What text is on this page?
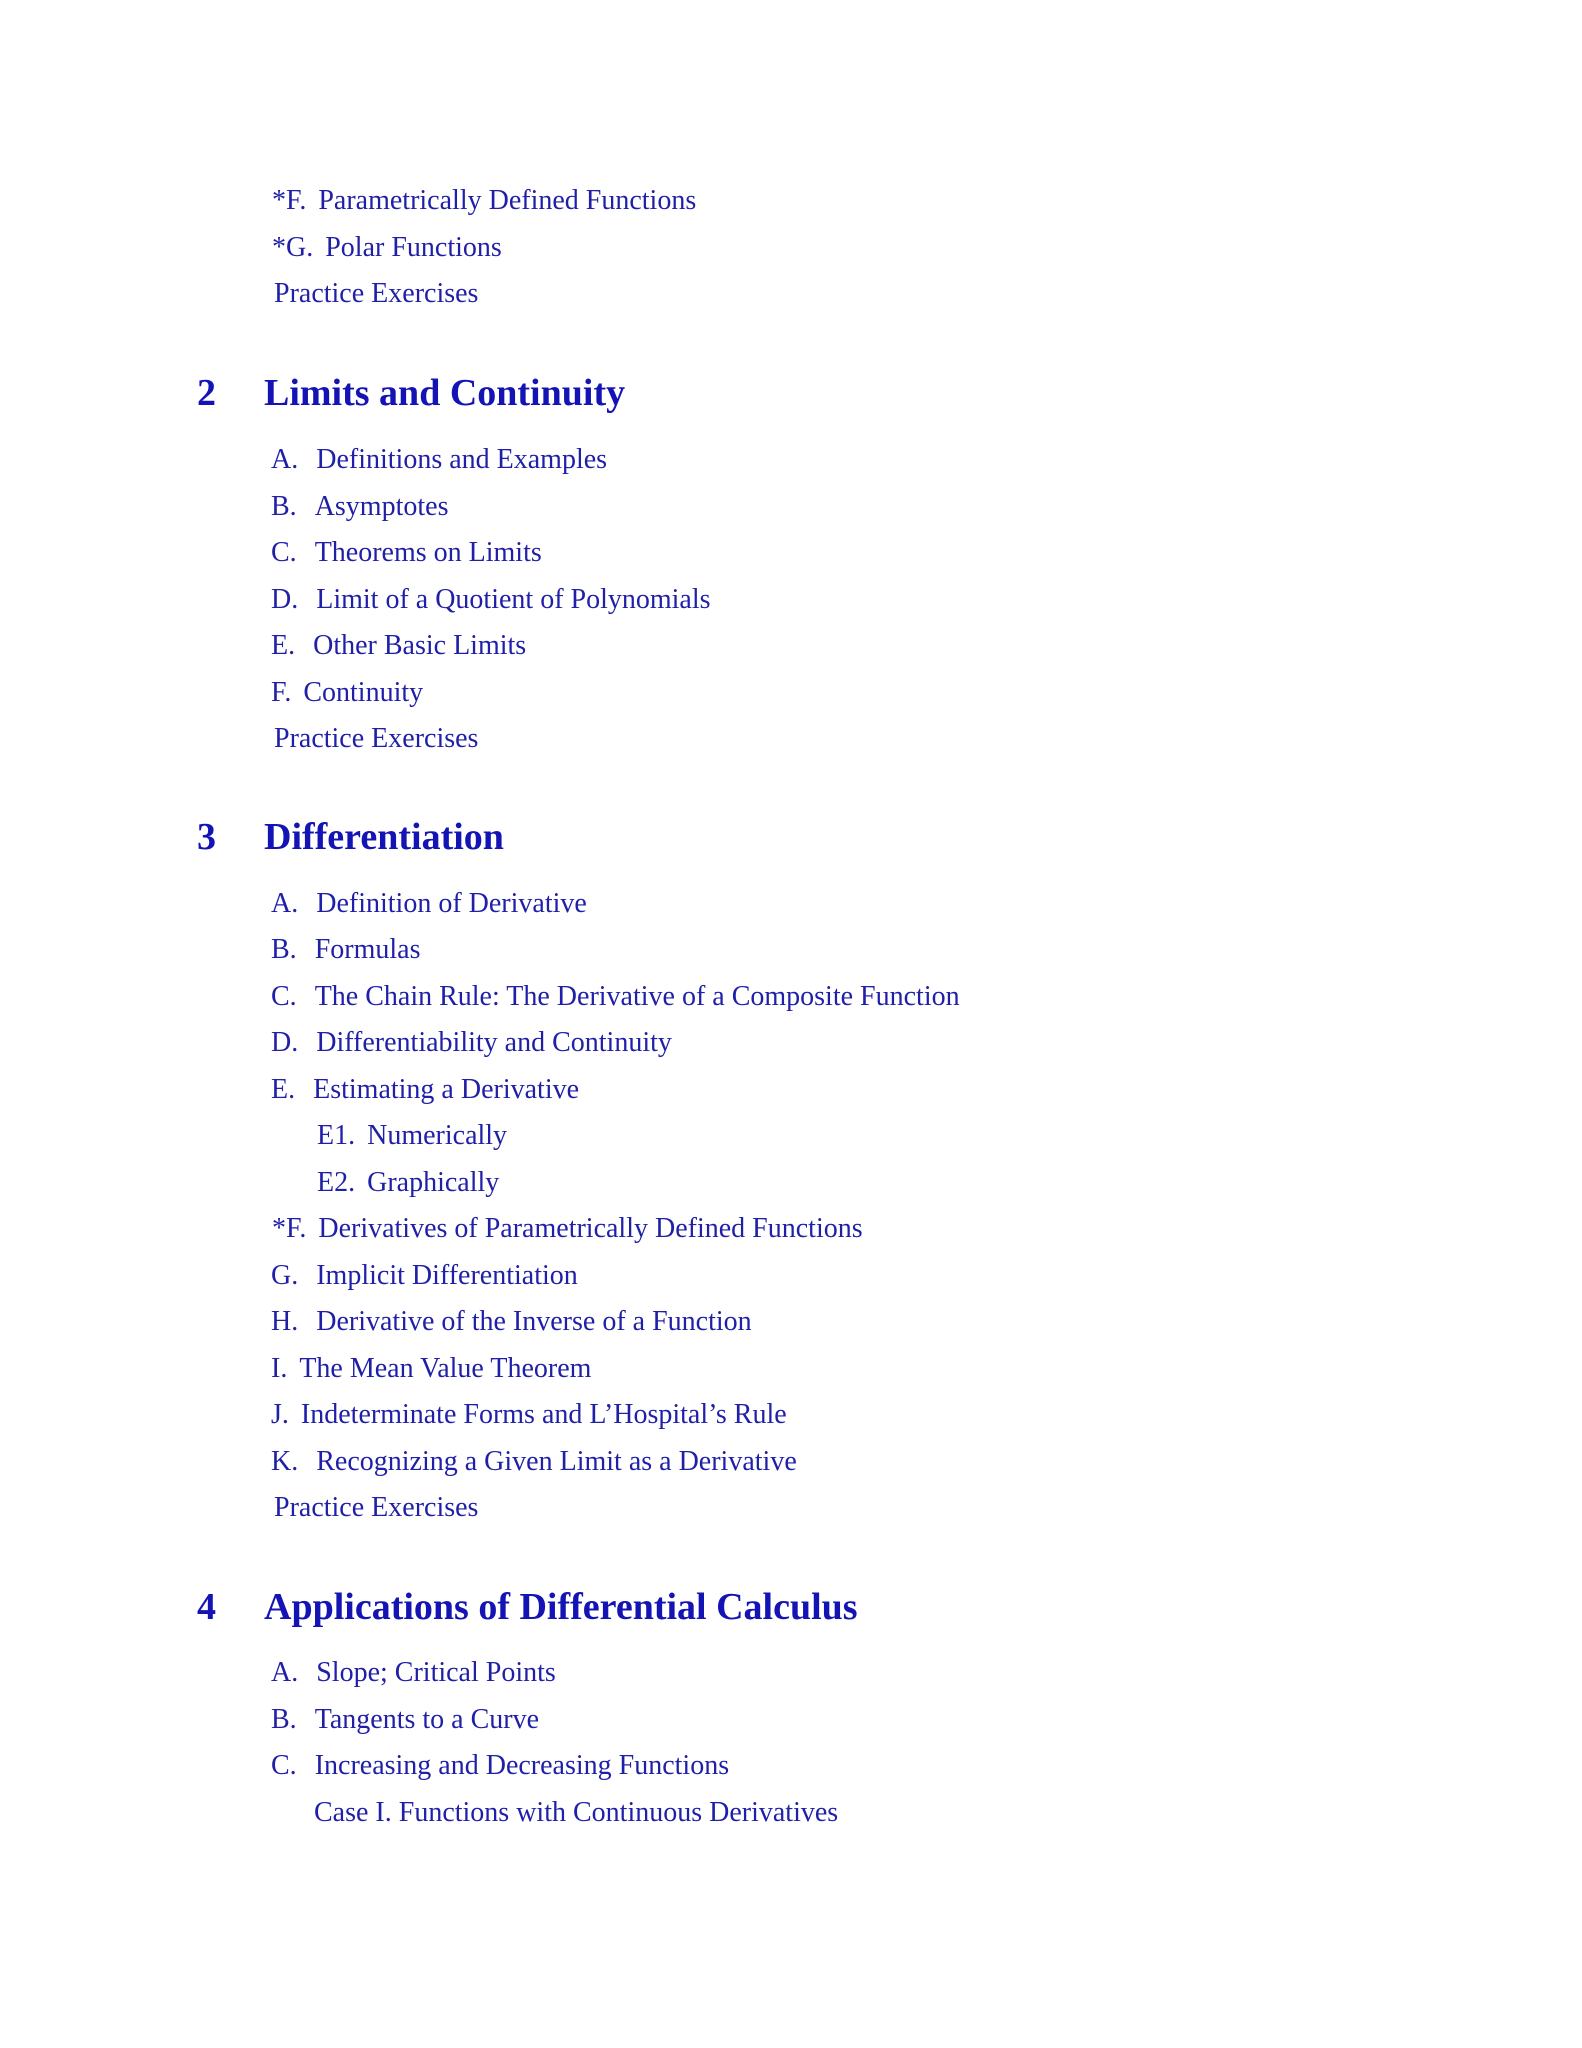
*F. Parametrically Defined Functions
*G. Polar Functions
Practice Exercises
2 Limits and Continuity
A. Definitions and Examples
B. Asymptotes
C. Theorems on Limits
D. Limit of a Quotient of Polynomials
E. Other Basic Limits
F. Continuity
Practice Exercises
3 Differentiation
A. Definition of Derivative
B. Formulas
C. The Chain Rule: The Derivative of a Composite Function
D. Differentiability and Continuity
E. Estimating a Derivative
E1. Numerically
E2. Graphically
*F. Derivatives of Parametrically Defined Functions
G. Implicit Differentiation
H. Derivative of the Inverse of a Function
I. The Mean Value Theorem
J. Indeterminate Forms and L’Hospital’s Rule
K. Recognizing a Given Limit as a Derivative
Practice Exercises
4 Applications of Differential Calculus
A. Slope; Critical Points
B. Tangents to a Curve
C. Increasing and Decreasing Functions
Case I. Functions with Continuous Derivatives
